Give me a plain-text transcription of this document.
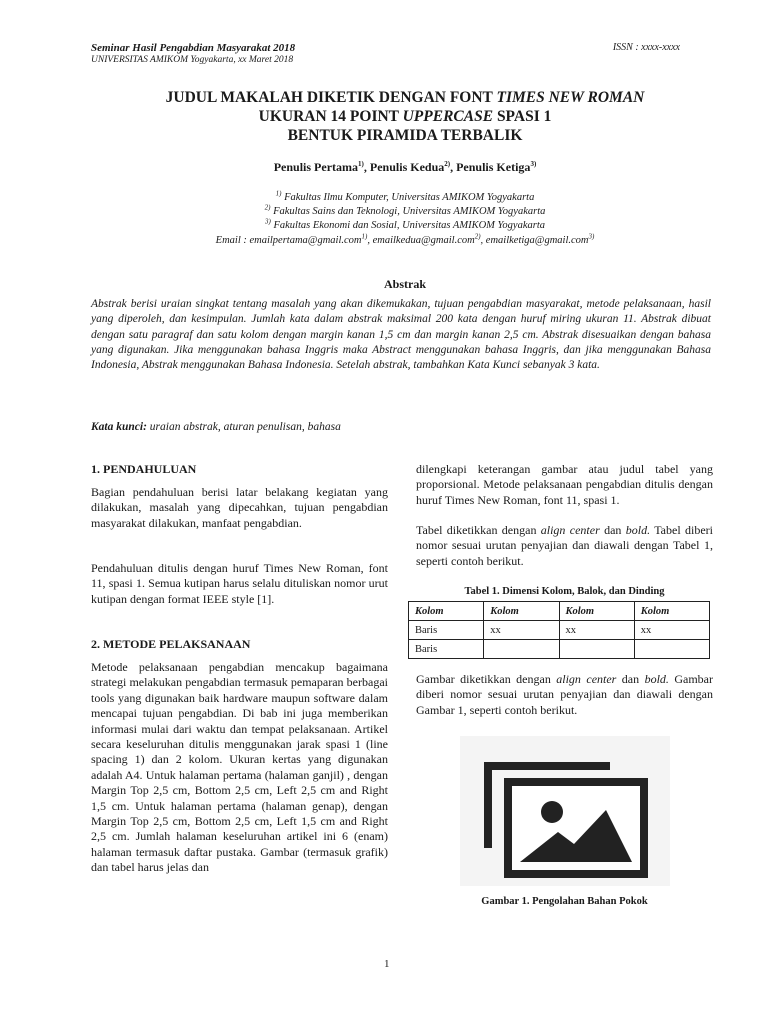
Seminar Hasil Pengabdian Masyarakat 2018
UNIVERSITAS AMIKOM Yogyakarta, xx Maret 2018
ISSN : xxxx-xxxx
JUDUL MAKALAH DIKETIK DENGAN FONT TIMES NEW ROMAN
UKURAN 14 POINT UPPERCASE SPASI 1
BENTUK PIRAMIDA TERBALIK
Penulis Pertama$^{1)}$, Penulis Kedua$^{2)}$, Penulis Ketiga$^{3)}$
$^{1)}$ Fakultas Ilmu Komputer, Universitas AMIKOM Yogyakarta
$^{2)}$ Fakultas Sains dan Teknologi, Universitas AMIKOM Yogyakarta
$^{3)}$ Fakultas Ekonomi dan Sosial, Universitas AMIKOM Yogyakarta
Email : emailpertama@gmail.com$^{1)}$, emailkedua@gmail.com$^{2)}$, emailketiga@gmail.com$^{3)}$
Abstrak
Abstrak berisi uraian singkat tentang masalah yang akan dikemukakan, tujuan pengabdian masyarakat, metode pelaksanaan, hasil yang diperoleh, dan kesimpulan. Jumlah kata dalam abstrak maksimal 200 kata dengan huruf miring ukuran 11. Abstrak dibuat dengan satu paragraf dan satu kolom dengan margin kanan 1,5 cm dan margin kanan 2,5 cm. Abstrak disesuaikan dengan bahasa yang digunakan. Jika menggunakan bahasa Inggris maka Abstract menggunakan bahasa Inggris, dan jika menggunakan Bahasa Indonesia, Abstrak menggunakan Bahasa Indonesia. Setelah abstrak, tambahkan Kata Kunci sebanyak 3 kata.
Kata kunci: uraian abstrak, aturan penulisan, bahasa
1. PENDAHULUAN
Bagian pendahuluan berisi latar belakang kegiatan yang dilakukan, masalah yang dipecahkan, tujuan pengabdian masyarakat dilakukan, manfaat pengabdian.
Pendahuluan ditulis dengan huruf Times New Roman, font 11, spasi 1. Semua kutipan harus selalu dituliskan nomor urut kutipan dengan format IEEE style [1].
2. METODE PELAKSANAAN
Metode pelaksanaan pengabdian mencakup bagaimana strategi melakukan pengabdian termasuk pemaparan berbagai tools yang digunakan baik hardware maupun software dalam mencapai tujuan pengabdian. Di bab ini juga memberikan informasi mulai dari waktu dan tempat pelaksanaan. Artikel secara keseluruhan ditulis menggunakan jarak spasi 1 (line spacing 1) dan 2 kolom. Ukuran kertas yang digunakan adalah A4. Untuk halaman pertama (halaman ganjil) , dengan Margin Top 2,5 cm, Bottom 2,5 cm, Left 2,5 cm and Right 1,5 cm. Untuk halaman pertama (halaman genap), dengan Margin Top 2,5 cm, Bottom 2,5 cm, Left 1,5 cm and Right 2,5 cm. Jumlah halaman keseluruhan artikel ini 6 (enam) halaman termasuk daftar pustaka. Gambar (termasuk grafik) dan tabel harus jelas dan
dilengkapi keterangan gambar atau judul tabel yang proporsional. Metode pelaksanaan pengabdian ditulis dengan huruf Times New Roman, font 11, spasi 1.
Tabel diketikkan dengan align center dan bold. Tabel diberi nomor sesuai urutan penyajian dan diawali dengan Tabel 1, seperti contoh berikut.
Tabel 1. Dimensi Kolom, Balok, dan Dinding
Kolom	Kolom	Kolom	Kolom
Baris	xx	xx	xx
Baris			
Gambar diketikkan dengan align center dan bold. Gambar diberi nomor sesuai urutan penyajian dan diawali dengan Gambar 1, seperti contoh berikut.
Gambar 1. Pengolahan Bahan Pokok
1
